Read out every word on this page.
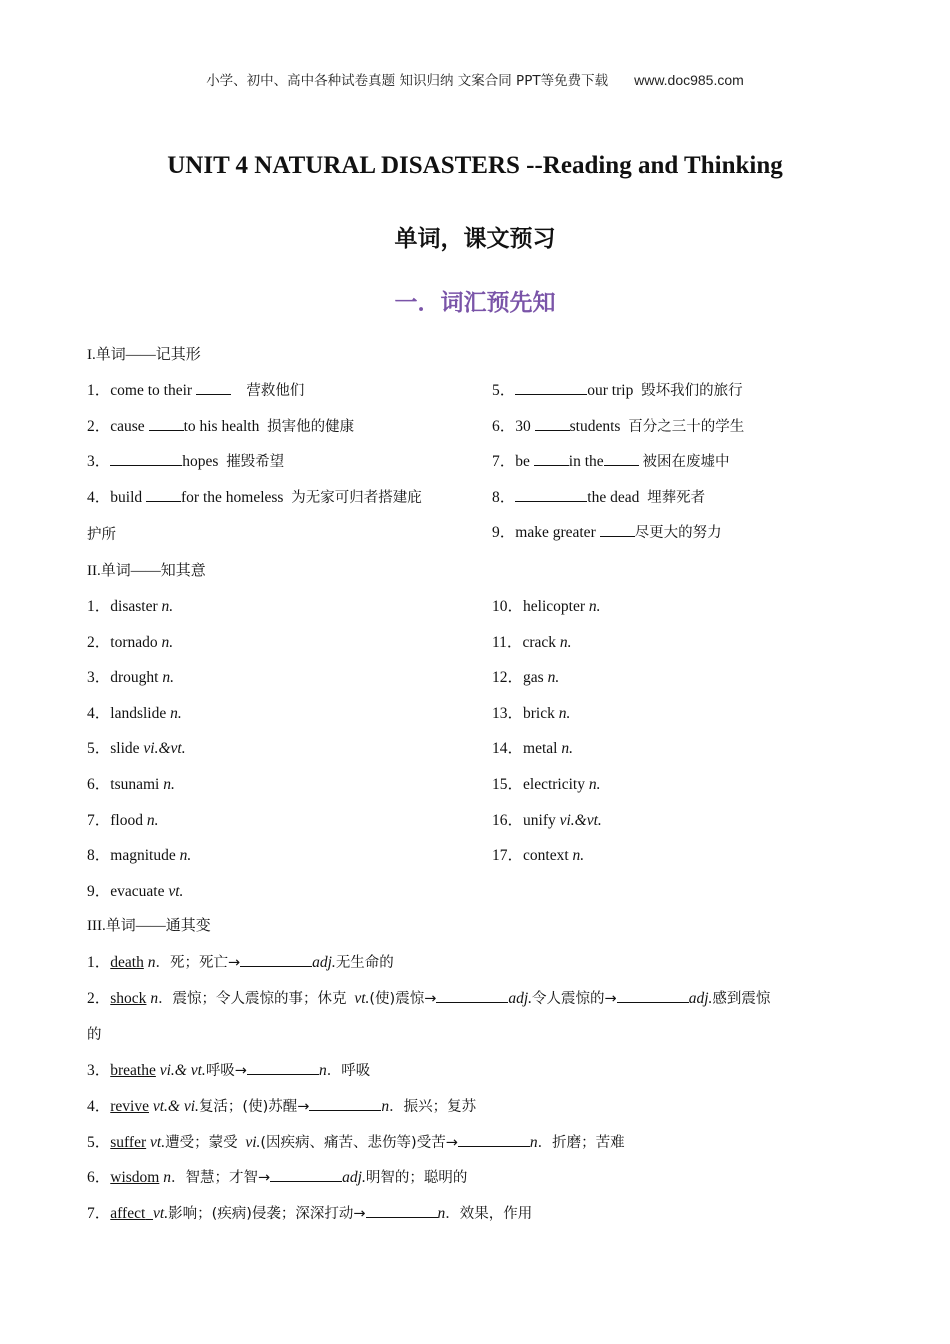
小学、初中、高中各种试卷真题 知识归纳 文案合同 PPT等免费下载 www.doc985.com
UNIT 4 NATURAL DISASTERS --Reading and Thinking
单词，课文预习
一．词汇预先知
I.单词——记其形
1．come to their	营救他们
2．cause	to his health 损害他的健康
3．	hopes 摧毁希望
4．build	for the homeless 为无家可归者搭建庇
护所
5．	our trip 毁坏我们的旅行
6．30	students 百分之三十的学生
7．be	in the	被困在废墟中
8．	the dead 埋葬死者
9．make greater	尽更大的努力
II.单词——知其意
1．disaster n.
2．tornado n.
3．drought n.
4．landslide n.
5．slide vi.&vt.
6．tsunami n.
7．flood n.
8．magnitude n.
9．evacuate vt.
10．helicopter n.
11．crack n.
12．gas n.
13．brick n.
14．metal n.
15．electricity n.
16．unify vi.&vt.
17．context n.
III.单词——通其变
1．death n．死；死亡→	adj.无生命的
2．shock n．震惊；令人震惊的事；休克 vt.(使)震惊→	adj.令人震惊的→	adj.感到震惊
的
3．breathe vi.& vt.呼吸→	n．呼吸
4．revive vt.& vi.复活；(使)苏醒→	n．振兴；复苏
5．suffer vt.遭受；蒙受 vi.(因疾病、痛苦、悲伤等)受苦→	n．折磨；苦难
6．wisdom n．智慧；才智→	adj.明智的；聪明的
7．affect vt.影响；(疾病)侵袭；深深打动→	n．效果，作用
